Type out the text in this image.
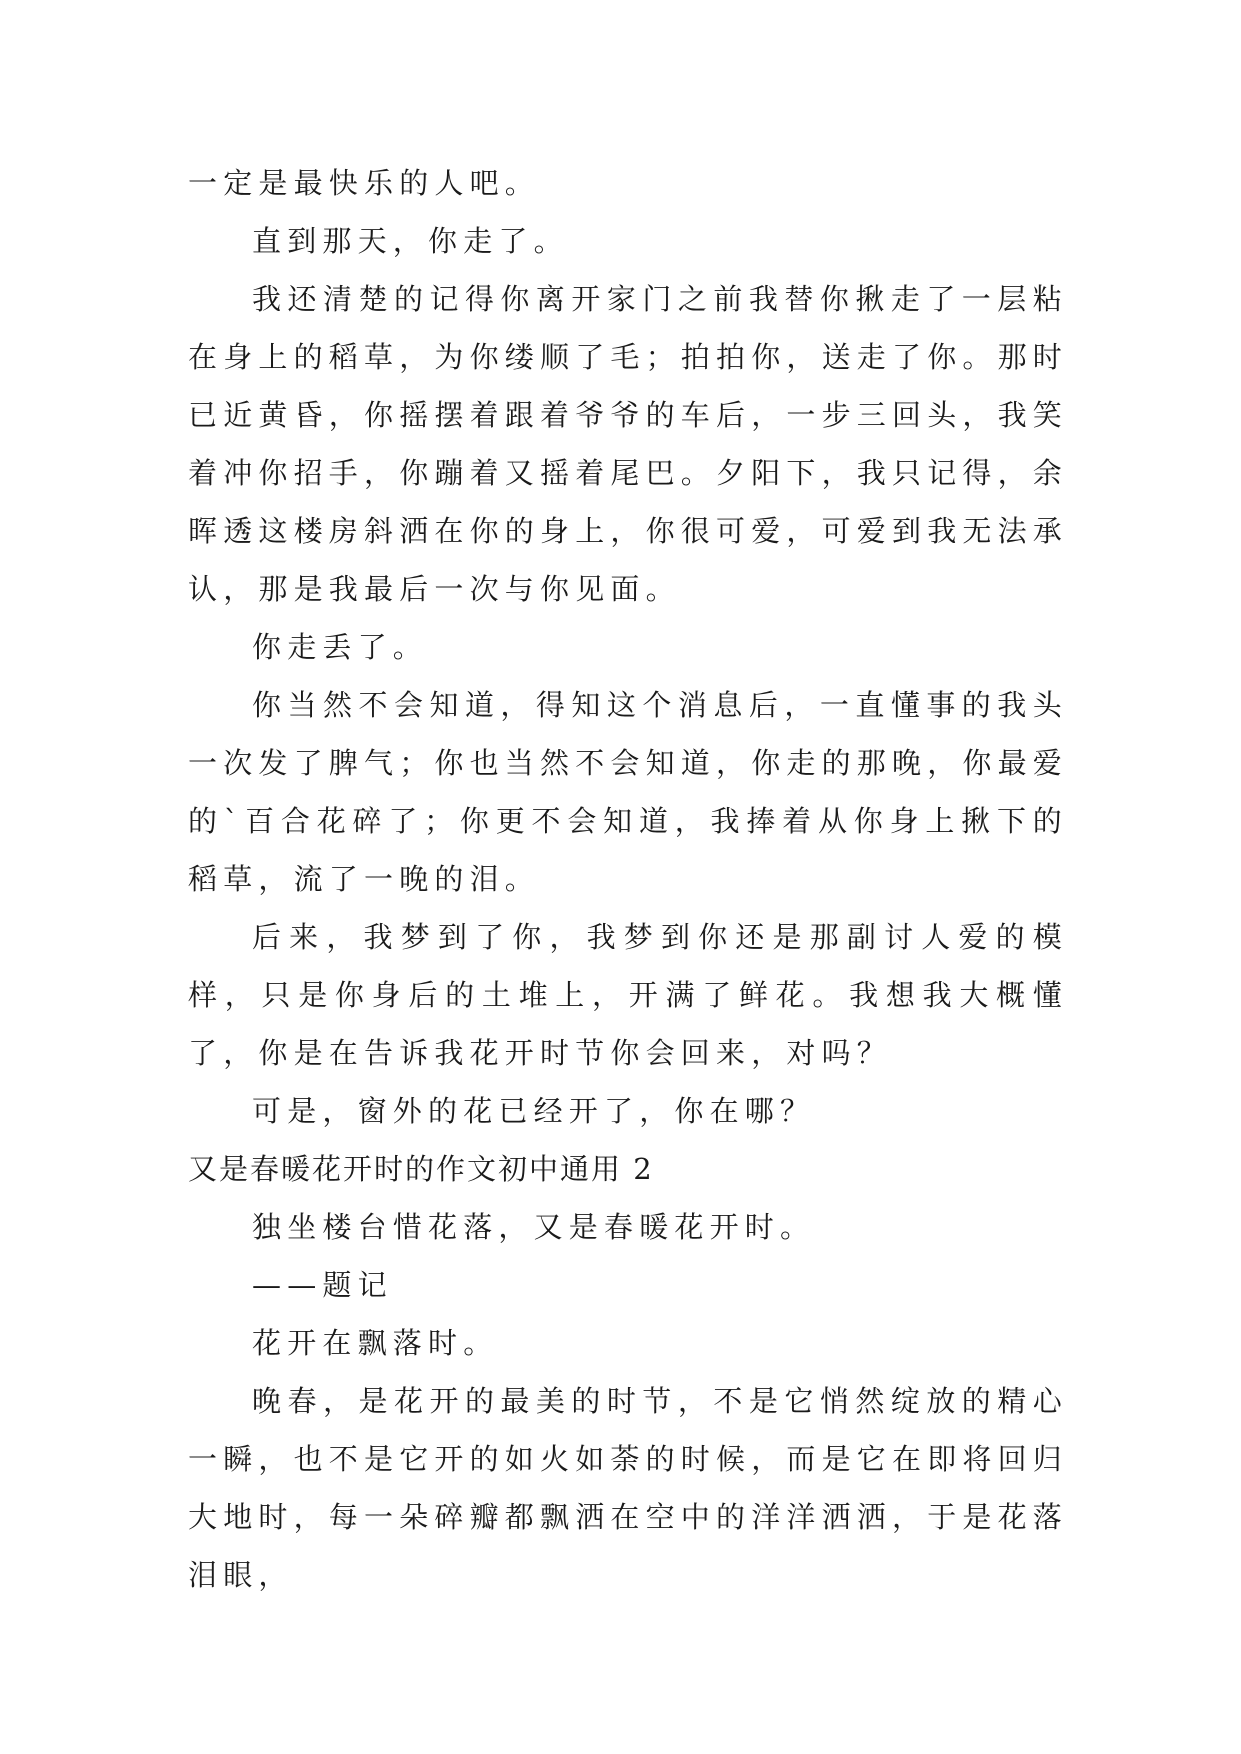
一定是最快乐的人吧。

直到那天，你走了。

我还清楚的记得你离开家门之前我替你揪走了一层粘在身上的稻草，为你缕顺了毛；拍拍你，送走了你。那时已近黄昏，你摇摆着跟着爷爷的车后，一步三回头，我笑着冲你招手，你蹦着又摇着尾巴。夕阳下，我只记得，余晖透这楼房斜洒在你的身上，你很可爱，可爱到我无法承认，那是我最后一次与你见面。

你走丢了。

你当然不会知道，得知这个消息后，一直懂事的我头一次发了脾气；你也当然不会知道，你走的那晚，你最爱的`百合花碎了；你更不会知道，我捧着从你身上揪下的稻草，流了一晚的泪。

后来，我梦到了你，我梦到你还是那副讨人爱的模样，只是你身后的土堆上，开满了鲜花。我想我大概懂了，你是在告诉我花开时节你会回来，对吗？

可是，窗外的花已经开了，你在哪？

又是春暖花开时的作文初中通用 2

独坐楼台惜花落，又是春暖花开时。

——题记

花开在飘落时。

晚春，是花开的最美的时节，不是它悄然绽放的精心一瞬，也不是它开的如火如荼的时候，而是它在即将回归大地时，每一朵碎瓣都飘洒在空中的洋洋洒洒，于是花落泪眼，
